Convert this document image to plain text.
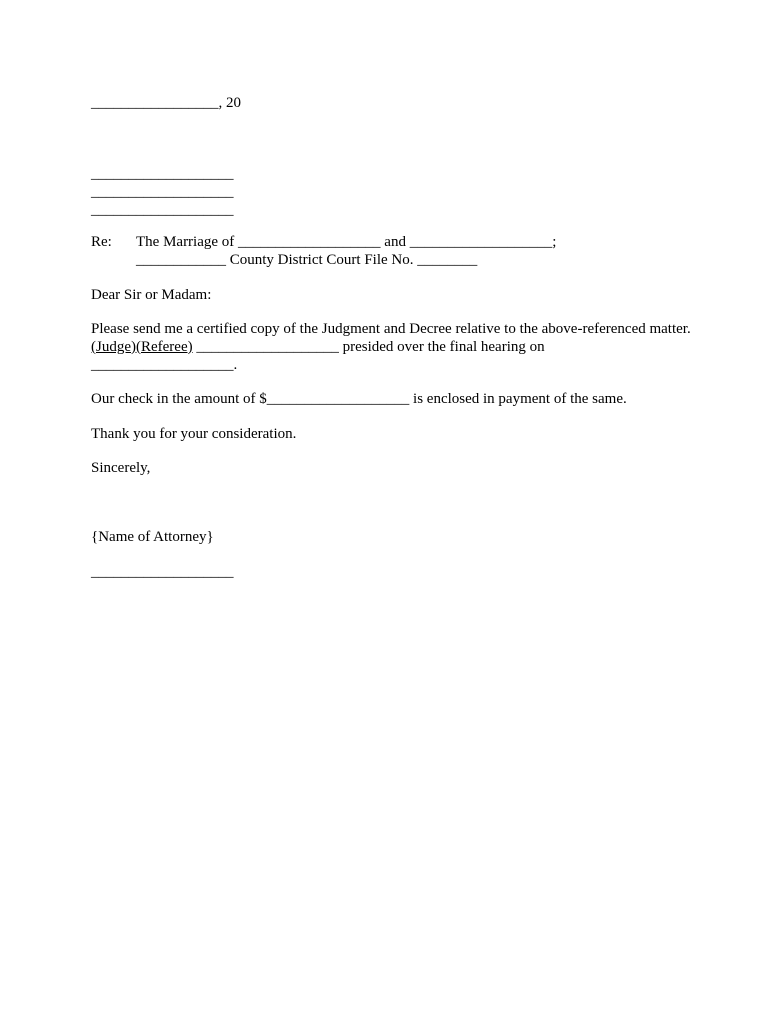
_________________, 20
___________________
___________________
___________________
Re: The Marriage of ___________________ and ___________________;
____________ County District Court File No. ________
Dear Sir or Madam:
Please send me a certified copy of the Judgment and Decree relative to the above-referenced matter.
(Judge)(Referee) ___________________ presided over the final hearing on
___________________.
Our check in the amount of $___________________ is enclosed in payment of the same.
Thank you for your consideration.
Sincerely,
{Name of Attorney}
___________________
